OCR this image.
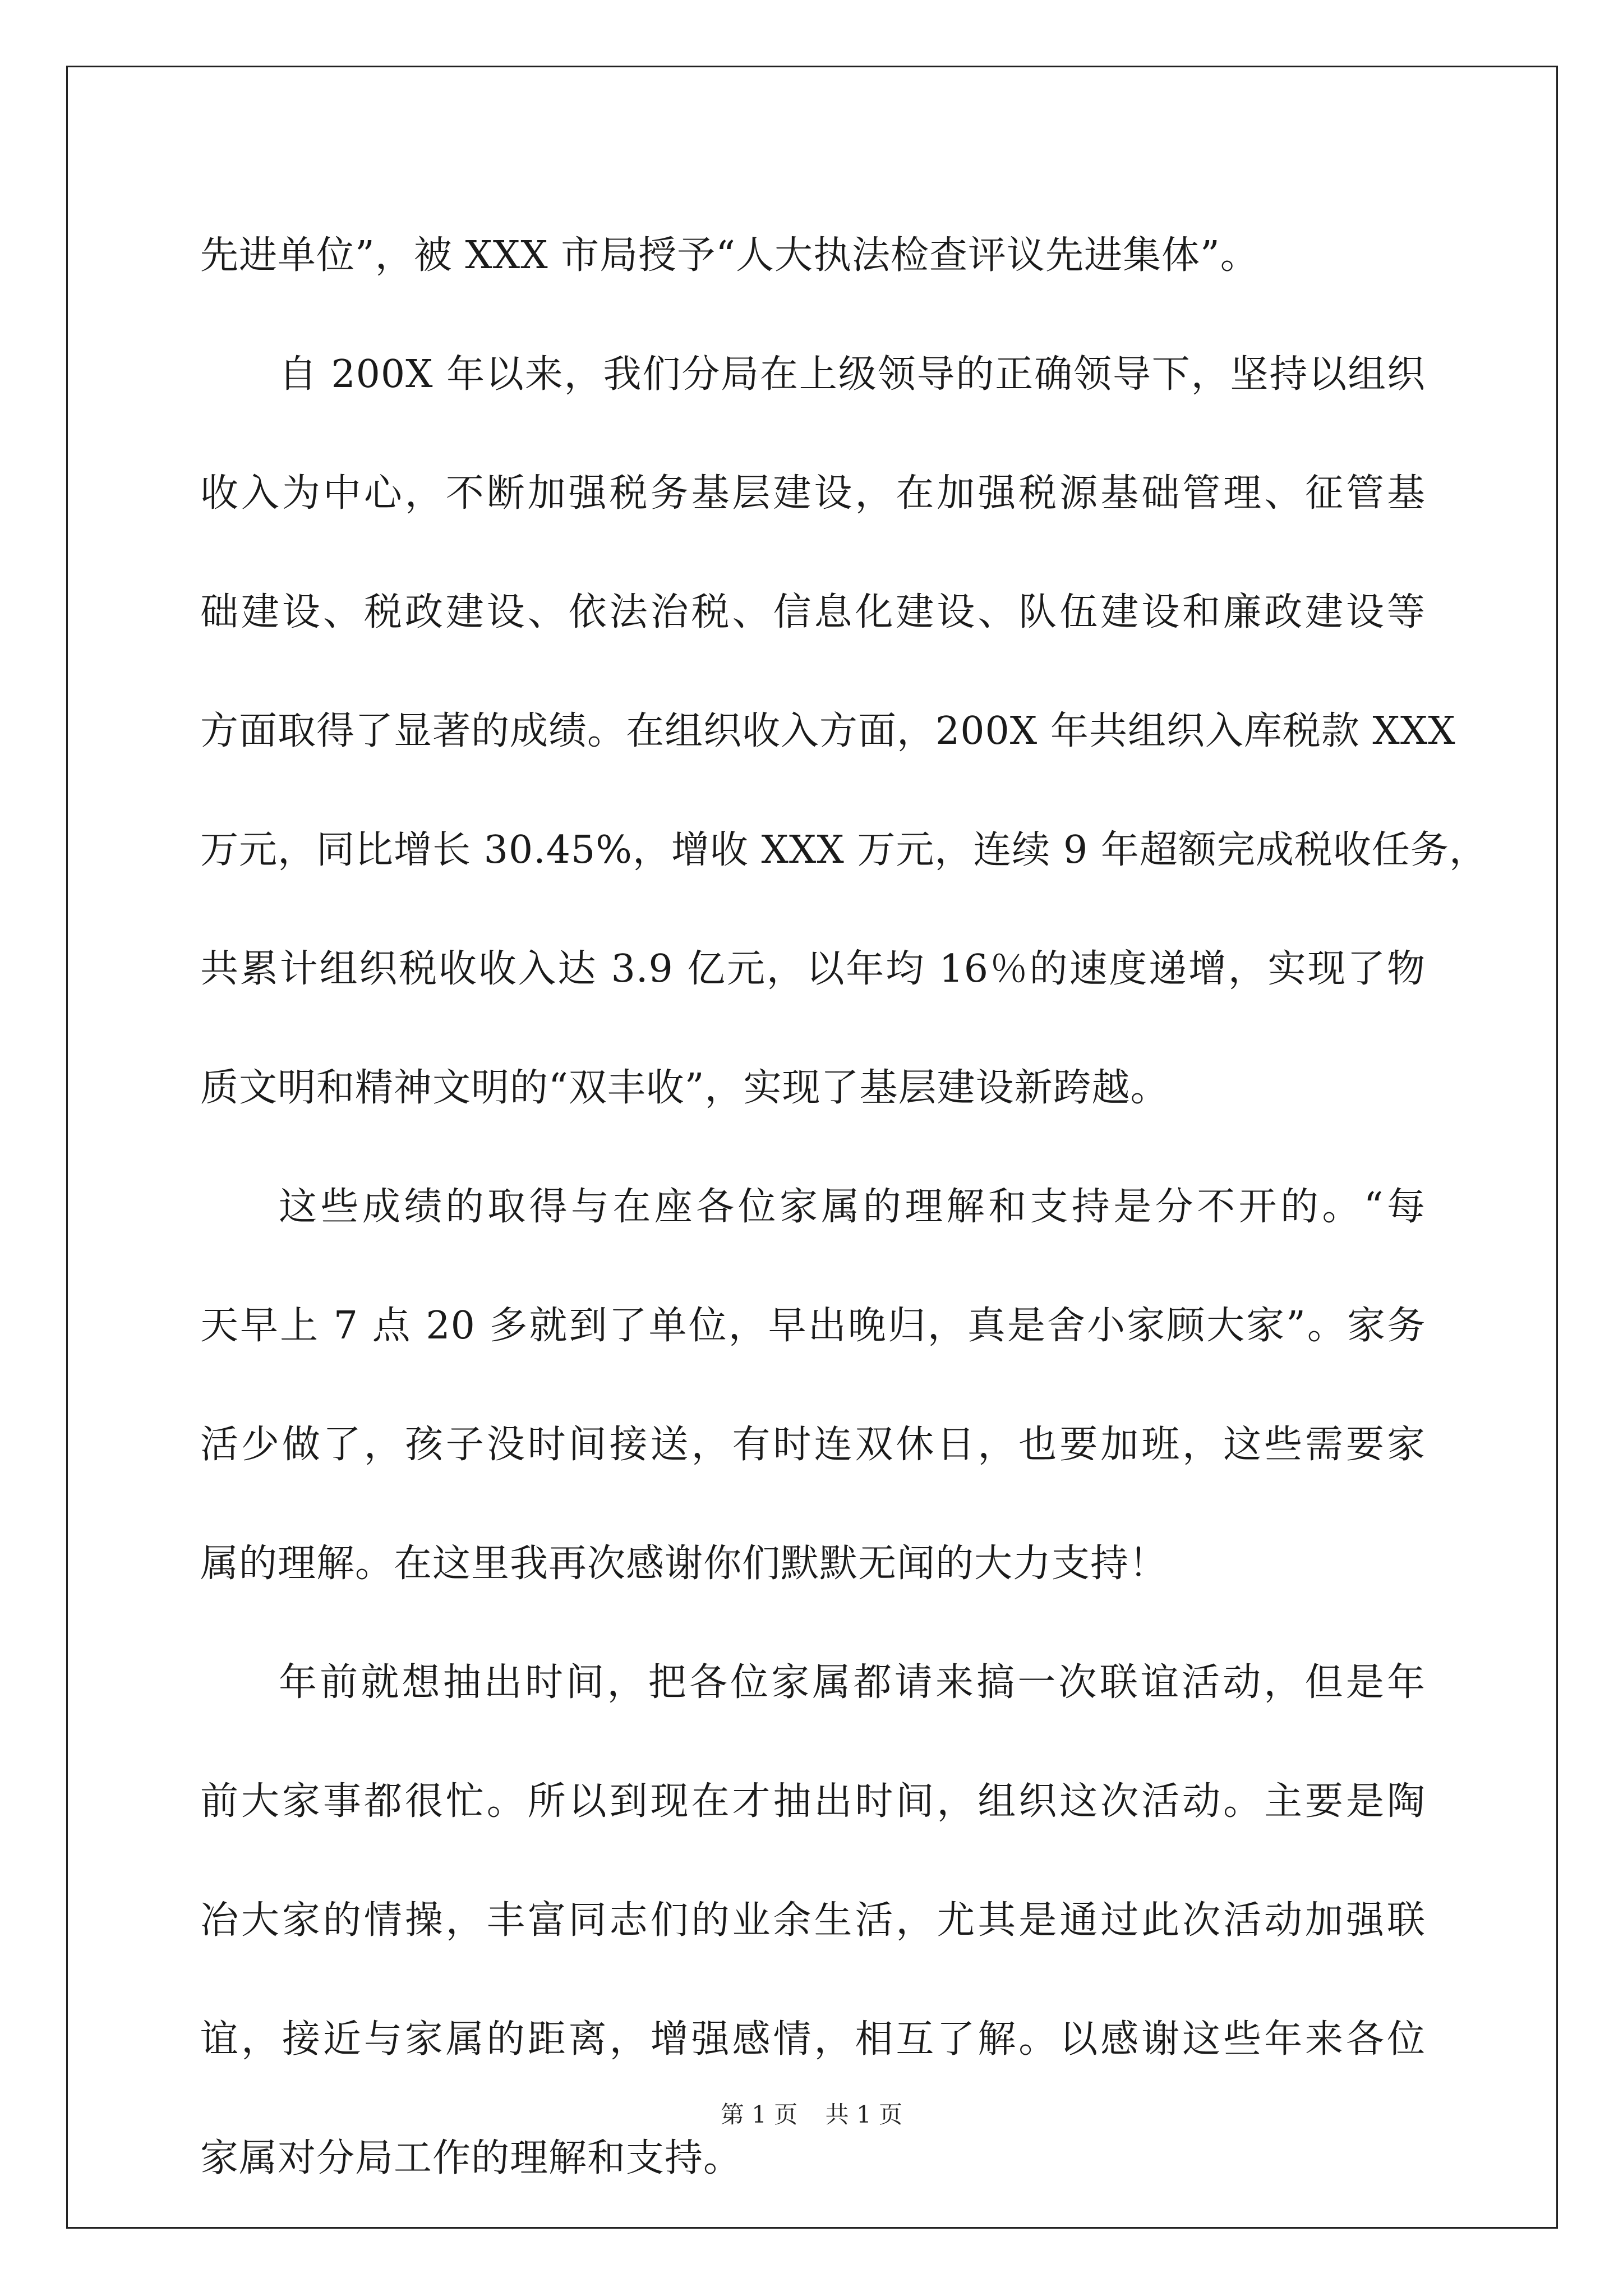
先进单位”，被 XXX 市局授予“人大执法检查评议先进集体”。
自 200X 年以来，我们分局在上级领导的正确领导下，坚持以组织
收入为中心，不断加强税务基层建设，在加强税源基础管理、征管基
础建设、税政建设、依法治税、信息化建设、队伍建设和廉政建设等
方面取得了显著的成绩。在组织收入方面，200X 年共组织入库税款 XXX
万元，同比增长 30.45%，增收 XXX 万元，连续 9 年超额完成税收任务，
共累计组织税收收入达 3.9 亿元，以年均 16％的速度递增，实现了物
质文明和精神文明的“双丰收”，实现了基层建设新跨越。
这些成绩的取得与在座各位家属的理解和支持是分不开的。“每
天早上 7 点 20 多就到了单位，早出晚归，真是舍小家顾大家”。家务
活少做了，孩子没时间接送，有时连双休日，也要加班，这些需要家
属的理解。在这里我再次感谢你们默默无闻的大力支持！
年前就想抽出时间，把各位家属都请来搞一次联谊活动，但是年
前大家事都很忙。所以到现在才抽出时间，组织这次活动。主要是陶
冶大家的情操，丰富同志们的业余生活，尤其是通过此次活动加强联
谊，接近与家属的距离，增强感情，相互了解。以感谢这些年来各位
家属对分局工作的理解和支持。
第 1 页 共 1 页
